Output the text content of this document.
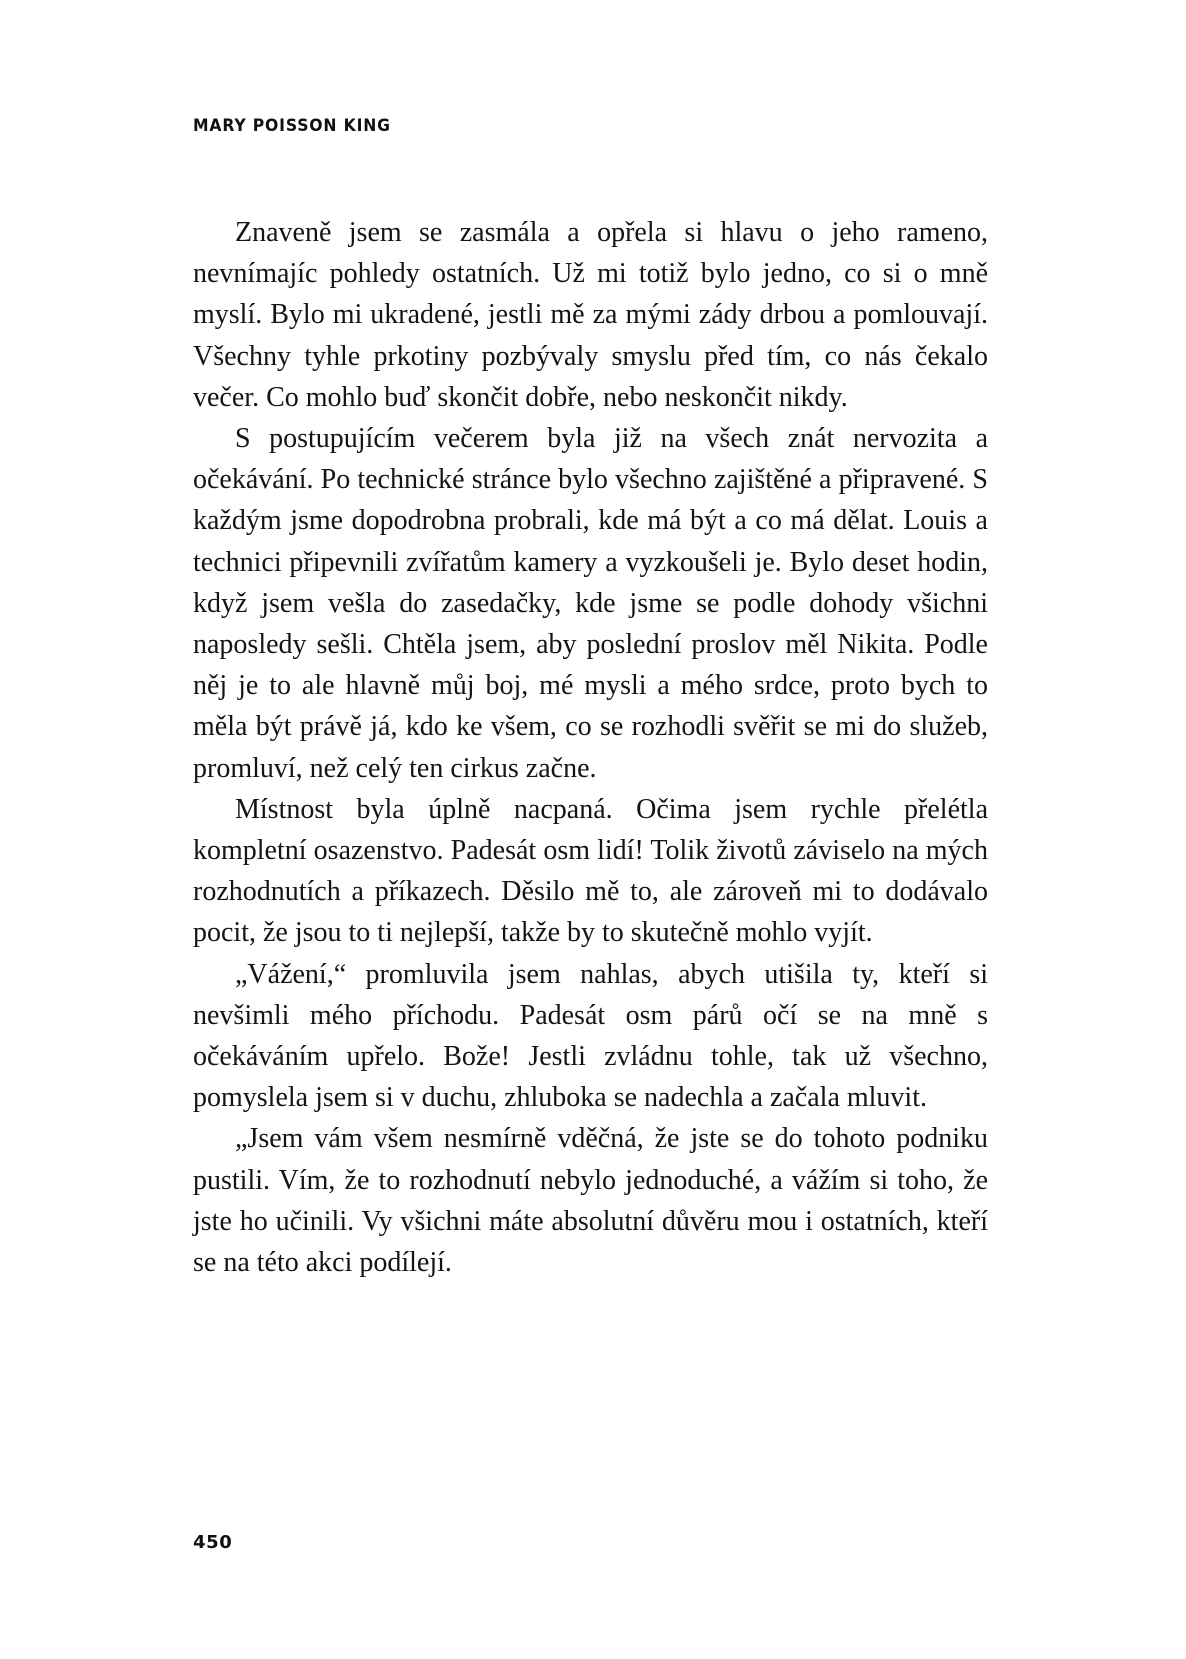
MARY POISSON KING

Znaveně jsem se zasmála a opřela si hlavu o jeho rameno, nevnímajíc pohledy ostatních. Už mi totiž bylo jedno, co si o mně myslí. Bylo mi ukradené, jestli mě za mými zády drbou a pomlouvají. Všechny tyhle prkotiny pozbývaly smyslu před tím, co nás čekalo večer. Co mohlo buď skončit dobře, nebo neskončit nikdy.

S postupujícím večerem byla již na všech znát nervozita a očekávání. Po technické stránce bylo všechno zajištěné a připravené. S každým jsme dopodrobna probrali, kde má být a co má dělat. Louis a technici připevnili zvířatům kamery a vyzkoušeli je. Bylo deset hodin, když jsem vešla do zasedačky, kde jsme se podle dohody všichni naposledy sešli. Chtěla jsem, aby poslední proslov měl Nikita. Podle něj je to ale hlavně můj boj, mé mysli a mého srdce, proto bych to měla být právě já, kdo ke všem, co se rozhodli svěřit se mi do služeb, promluví, než celý ten cirkus začne.

Místnost byla úplně nacpaná. Očima jsem rychle přelétla kompletní osazenstvo. Padesát osm lidí! Tolik životů záviselo na mých rozhodnutích a příkazech. Děsilo mě to, ale zároveň mi to dodávalo pocit, že jsou to ti nejlepší, takže by to skutečně mohlo vyjít.

„Vážení,“ promluvila jsem nahlas, abych utišila ty, kteří si nevšimli mého příchodu. Padesát osm párů očí se na mně s očekáváním upřelo. Bože! Jestli zvládnu tohle, tak už všechno, pomyslela jsem si v duchu, zhluboka se nadechla a začala mluvit.

„Jsem vám všem nesmírně vděčná, že jste se do tohoto podniku pustili. Vím, že to rozhodnutí nebylo jednoduché, a vážím si toho, že jste ho učinili. Vy všichni máte absolutní důvěru mou i ostatních, kteří se na této akci podílejí.

450
